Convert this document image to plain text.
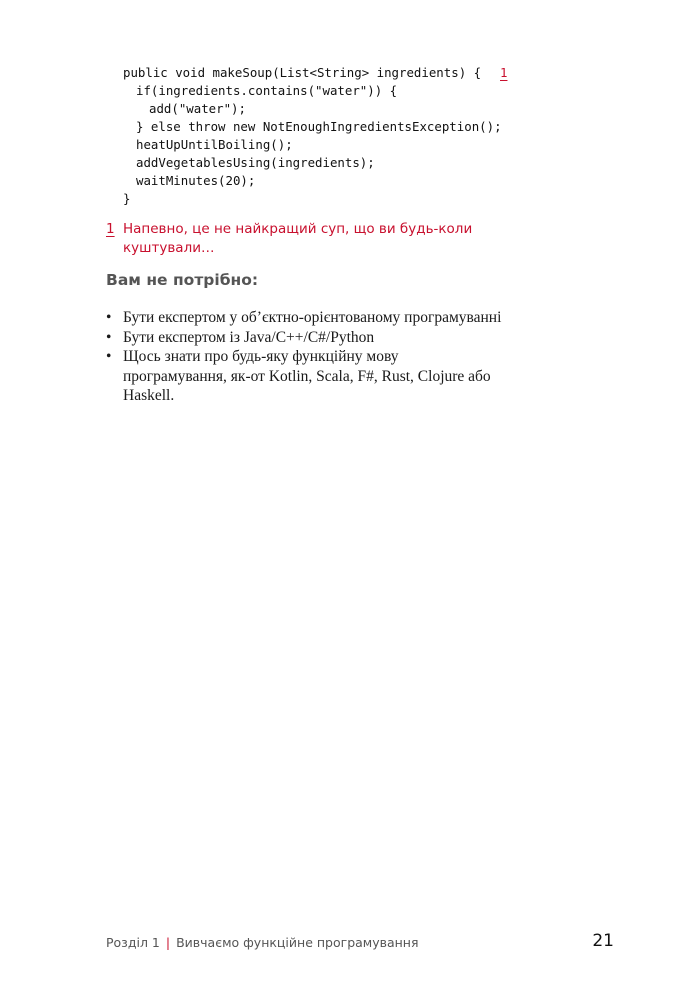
public void makeSoup(List<String> ingredients) {
if(ingredients.contains("water")) {
add("water");
} else throw new NotEnoughIngredientsException();
heatUpUntilBoiling();
addVegetablesUsing(ingredients);
waitMinutes(20);
}
1
1 Напевно, це не найкращий суп, що ви будь-коли куштували…
Вам не потрібно:
• Бути експертом у об’єктно-орієнтованому програмуванні
• Бути експертом із Java/C++/C#/Python
• Щось знати про будь-яку функційну мову програмування, як-от Kotlin, Scala, F#, Rust, Clojure або Haskell.
Розділ 1 | Вивчаємо функційне програмування	21
